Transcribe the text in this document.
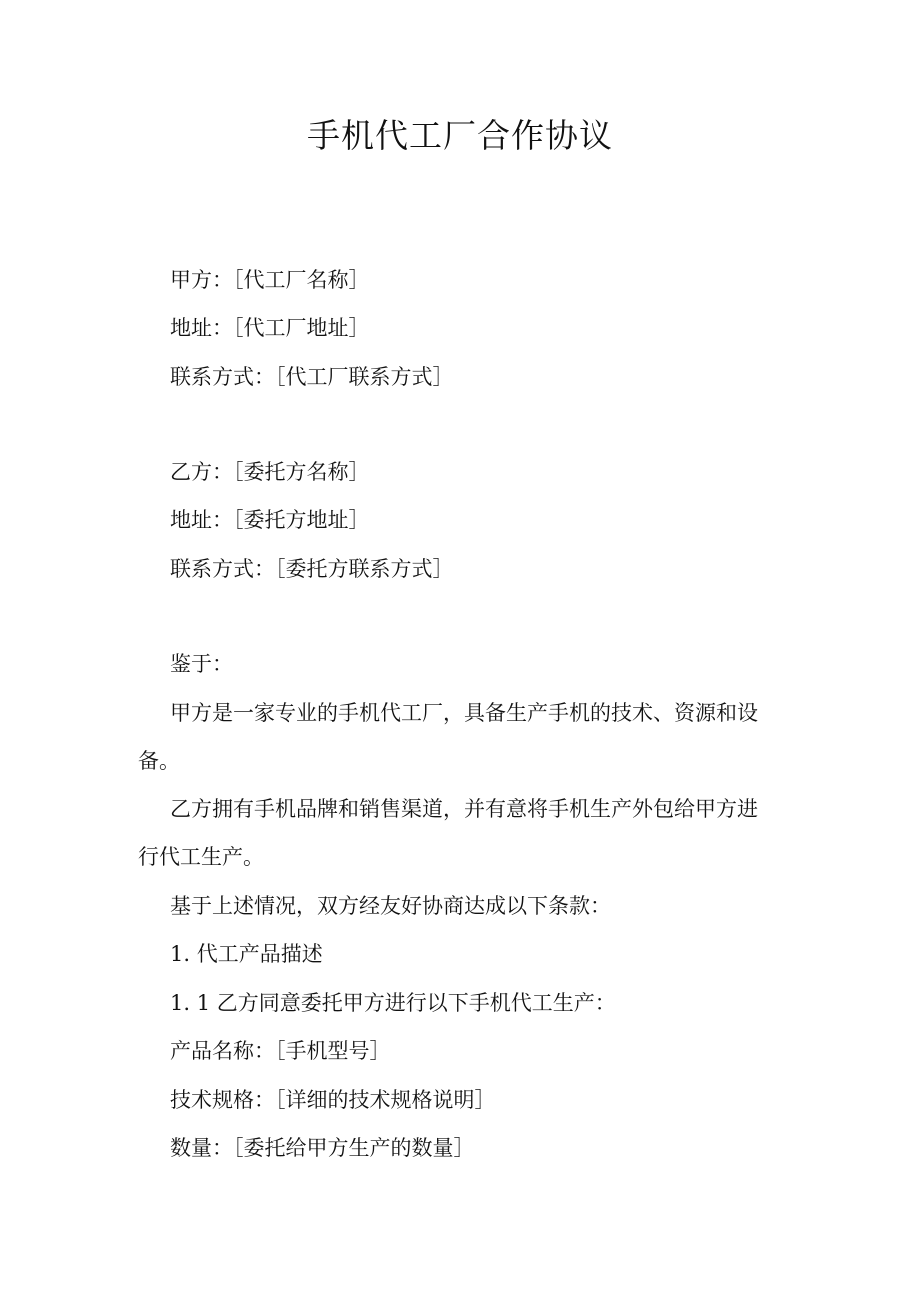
手机代工厂合作协议

甲方：［代工厂名称］

地址：［代工厂地址］

联系方式：［代工厂联系方式］

乙方：［委托方名称］

地址：［委托方地址］

联系方式：［委托方联系方式］

鉴于：

甲方是一家专业的手机代工厂，具备生产手机的技术、资源和设

备。

乙方拥有手机品牌和销售渠道，并有意将手机生产外包给甲方进

行代工生产。

基于上述情况，双方经友好协商达成以下条款：

1. 代工产品描述

1. 1 乙方同意委托甲方进行以下手机代工生产：

产品名称：［手机型号］

技术规格：［详细的技术规格说明］

数量：［委托给甲方生产的数量］
